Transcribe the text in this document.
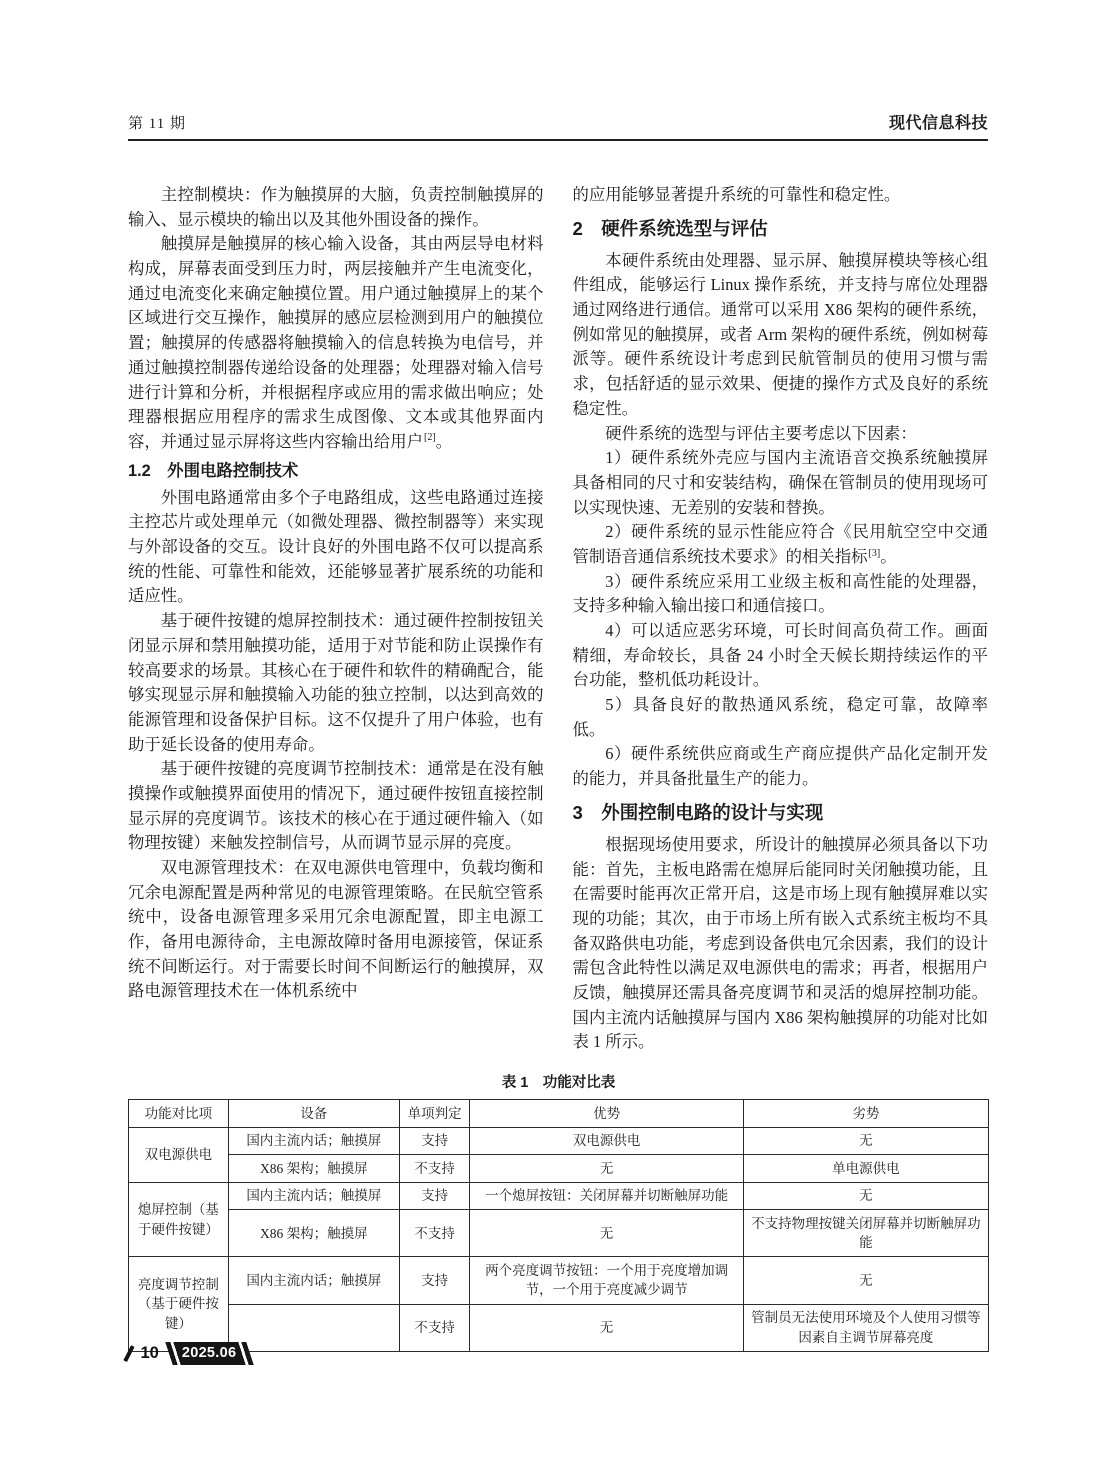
第 11 期	现代信息科技

主控制模块：作为触摸屏的大脑，负责控制触摸屏的输入、显示模块的输出以及其他外围设备的操作。

触摸屏是触摸屏的核心输入设备，其由两层导电材料构成，屏幕表面受到压力时，两层接触并产生电流变化，通过电流变化来确定触摸位置。用户通过触摸屏上的某个区域进行交互操作，触摸屏的感应层检测到用户的触摸位置；触摸屏的传感器将触摸输入的信息转换为电信号，并通过触摸控制器传递给设备的处理器；处理器对输入信号进行计算和分析，并根据程序或应用的需求做出响应；处理器根据应用程序的需求生成图像、文本或其他界面内容，并通过显示屏将这些内容输出给用户[2]。

1.2　外围电路控制技术

外围电路通常由多个子电路组成，这些电路通过连接主控芯片或处理单元（如微处理器、微控制器等）来实现与外部设备的交互。设计良好的外围电路不仅可以提高系统的性能、可靠性和能效，还能够显著扩展系统的功能和适应性。

基于硬件按键的熄屏控制技术：通过硬件控制按钮关闭显示屏和禁用触摸功能，适用于对节能和防止误操作有较高要求的场景。其核心在于硬件和软件的精确配合，能够实现显示屏和触摸输入功能的独立控制，以达到高效的能源管理和设备保护目标。这不仅提升了用户体验，也有助于延长设备的使用寿命。

基于硬件按键的亮度调节控制技术：通常是在没有触摸操作或触摸界面使用的情况下，通过硬件按钮直接控制显示屏的亮度调节。该技术的核心在于通过硬件输入（如物理按键）来触发控制信号，从而调节显示屏的亮度。

双电源管理技术：在双电源供电管理中，负载均衡和冗余电源配置是两种常见的电源管理策略。在民航空管系统中，设备电源管理多采用冗余电源配置，即主电源工作，备用电源待命，主电源故障时备用电源接管，保证系统不间断运行。对于需要长时间不间断运行的触摸屏，双路电源管理技术在一体机系统中

的应用能够显著提升系统的可靠性和稳定性。

2　硬件系统选型与评估

本硬件系统由处理器、显示屏、触摸屏模块等核心组件组成，能够运行 Linux 操作系统，并支持与席位处理器通过网络进行通信。通常可以采用 X86 架构的硬件系统，例如常见的触摸屏，或者 Arm 架构的硬件系统，例如树莓派等。硬件系统设计考虑到民航管制员的使用习惯与需求，包括舒适的显示效果、便捷的操作方式及良好的系统稳定性。

硬件系统的选型与评估主要考虑以下因素：

1）硬件系统外壳应与国内主流语音交换系统触摸屏具备相同的尺寸和安装结构，确保在管制员的使用现场可以实现快速、无差别的安装和替换。

2）硬件系统的显示性能应符合《民用航空空中交通管制语音通信系统技术要求》的相关指标[3]。

3）硬件系统应采用工业级主板和高性能的处理器，支持多种输入输出接口和通信接口。

4）可以适应恶劣环境，可长时间高负荷工作。画面精细，寿命较长，具备 24 小时全天候长期持续运作的平台功能，整机低功耗设计。

5）具备良好的散热通风系统，稳定可靠，故障率低。

6）硬件系统供应商或生产商应提供产品化定制开发的能力，并具备批量生产的能力。

3　外围控制电路的设计与实现

根据现场使用要求，所设计的触摸屏必须具备以下功能：首先，主板电路需在熄屏后能同时关闭触摸功能，且在需要时能再次正常开启，这是市场上现有触摸屏难以实现的功能；其次，由于市场上所有嵌入式系统主板均不具备双路供电功能，考虑到设备供电冗余因素，我们的设计需包含此特性以满足双电源供电的需求；再者，根据用户反馈，触摸屏还需具备亮度调节和灵活的熄屏控制功能。国内主流内话触摸屏与国内 X86 架构触摸屏的功能对比如表 1 所示。

表 1　功能对比表
功能对比项	设备	单项判定	优势	劣势
双电源供电	国内主流内话；触摸屏	支持	双电源供电	无
	X86 架构；触摸屏	不支持	无	单电源供电
熄屏控制（基于硬件按键）	国内主流内话；触摸屏	支持	一个熄屏按钮：关闭屏幕并切断触屏功能	无
	X86 架构；触摸屏	不支持	无	不支持物理按键关闭屏幕并切断触屏功能
亮度调节控制（基于硬件按键）	国内主流内话；触摸屏	支持	两个亮度调节按钮：一个用于亮度增加调节，一个用于亮度减少调节	无
		不支持	无	管制员无法使用环境及个人使用习惯等因素自主调节屏幕亮度
10	2025.06
